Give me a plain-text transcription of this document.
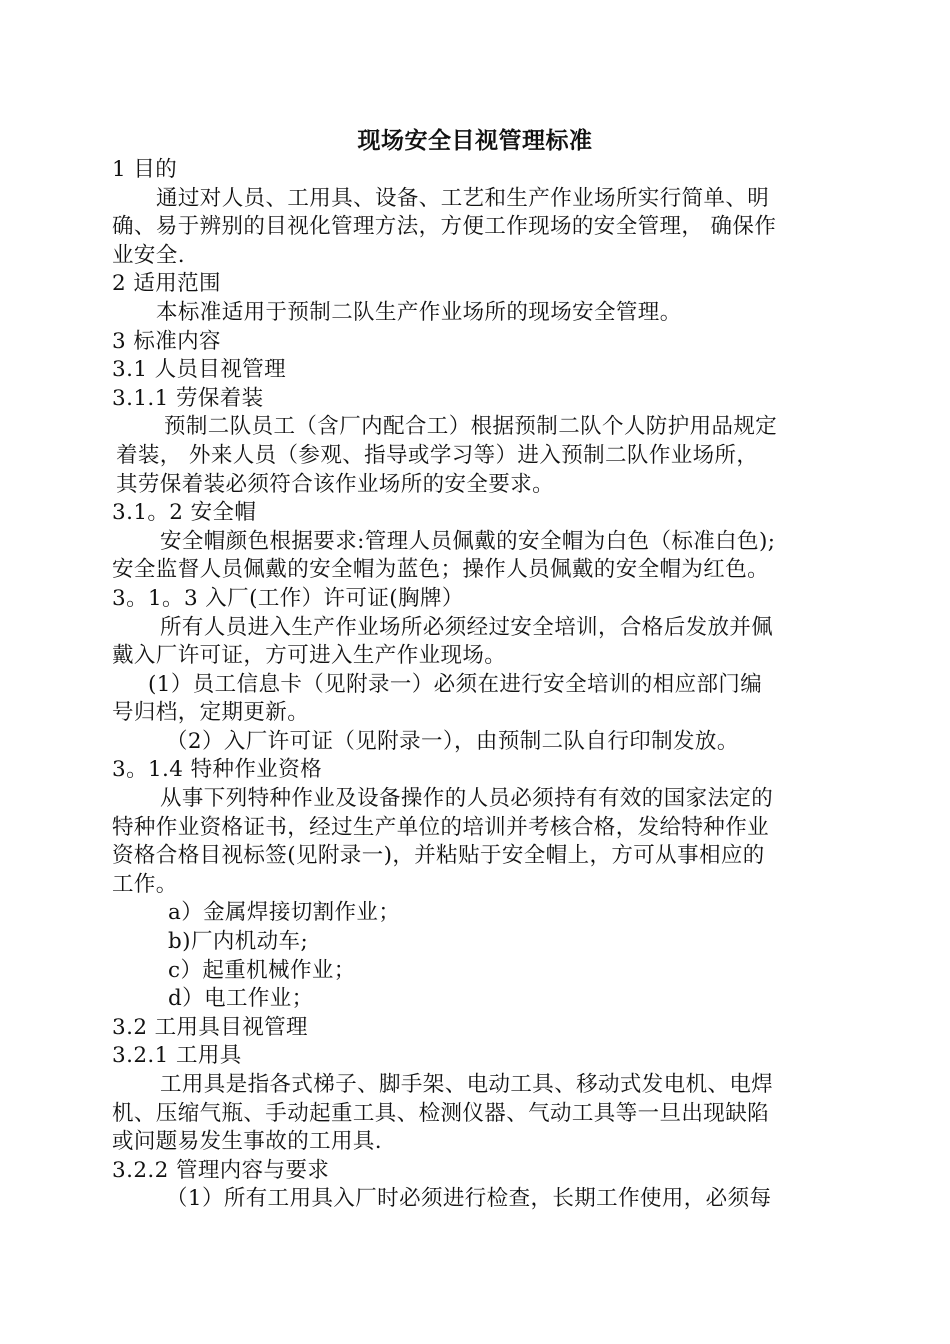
现场安全目视管理标准

1 目的

通过对人员、工用具、设备、工艺和生产作业场所实行简单、明

确、易于辨别的目视化管理方法，方便工作现场的安全管理， 确保作

业安全.

2 适用范围

本标准适用于预制二队生产作业场所的现场安全管理。

3 标准内容

3.1 人员目视管理

3.1.1 劳保着装

预制二队员工（含厂内配合工）根据预制二队个人防护用品规定

着装， 外来人员（参观、指导或学习等）进入预制二队作业场所，

其劳保着装必须符合该作业场所的安全要求。

3.1。2 安全帽

安全帽颜色根据要求:管理人员佩戴的安全帽为白色（标准白色);

安全监督人员佩戴的安全帽为蓝色；操作人员佩戴的安全帽为红色。

3。1。3 入厂(工作）许可证(胸牌）

所有人员进入生产作业场所必须经过安全培训，合格后发放并佩

戴入厂许可证，方可进入生产作业现场。

(1）员工信息卡（见附录一）必须在进行安全培训的相应部门编

号归档，定期更新。

（2）入厂许可证（见附录一），由预制二队自行印制发放。

3。1.4 特种作业资格

从事下列特种作业及设备操作的人员必须持有有效的国家法定的

特种作业资格证书，经过生产单位的培训并考核合格，发给特种作业

资格合格目视标签(见附录一)，并粘贴于安全帽上，方可从事相应的

工作。

a）金属焊接切割作业；

b)厂内机动车;

c）起重机械作业；

d）电工作业；

3.2 工用具目视管理

3.2.1 工用具

工用具是指各式梯子、脚手架、电动工具、移动式发电机、电焊

机、压缩气瓶、手动起重工具、检测仪器、气动工具等一旦出现缺陷

或问题易发生事故的工用具.

3.2.2 管理内容与要求

（1）所有工用具入厂时必须进行检查，长期工作使用，必须每
